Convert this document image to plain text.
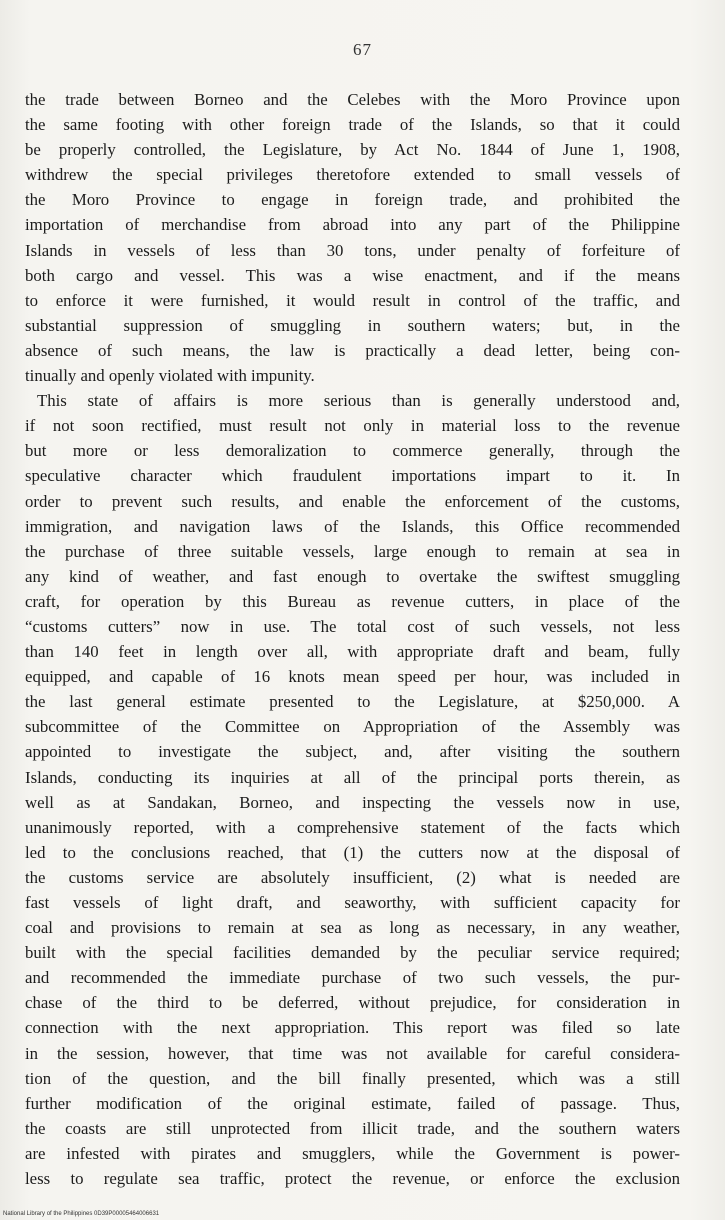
67
the trade between Borneo and the Celebes with the Moro Province upon
the same footing with other foreign trade of the Islands, so that it could
be properly controlled, the Legislature, by Act No. 1844 of June 1, 1908,
withdrew the special privileges theretofore extended to small vessels of
the Moro Province to engage in foreign trade, and prohibited the
importation of merchandise from abroad into any part of the Philippine
Islands in vessels of less than 30 tons, under penalty of forfeiture of
both cargo and vessel. This was a wise enactment, and if the means
to enforce it were furnished, it would result in control of the traffic, and
substantial suppression of smuggling in southern waters; but, in the
absence of such means, the law is practically a dead letter, being con-
tinually and openly violated with impunity.
This state of affairs is more serious than is generally understood and,
if not soon rectified, must result not only in material loss to the revenue
but more or less demoralization to commerce generally, through the
speculative character which fraudulent importations impart to it. In
order to prevent such results, and enable the enforcement of the customs,
immigration, and navigation laws of the Islands, this Office recommended
the purchase of three suitable vessels, large enough to remain at sea in
any kind of weather, and fast enough to overtake the swiftest smuggling
craft, for operation by this Bureau as revenue cutters, in place of the
“customs cutters” now in use. The total cost of such vessels, not less
than 140 feet in length over all, with appropriate draft and beam, fully
equipped, and capable of 16 knots mean speed per hour, was included in
the last general estimate presented to the Legislature, at $250,000. A
subcommittee of the Committee on Appropriation of the Assembly was
appointed to investigate the subject, and, after visiting the southern
Islands, conducting its inquiries at all of the principal ports therein, as
well as at Sandakan, Borneo, and inspecting the vessels now in use,
unanimously reported, with a comprehensive statement of the facts which
led to the conclusions reached, that (1) the cutters now at the disposal of
the customs service are absolutely insufficient, (2) what is needed are
fast vessels of light draft, and seaworthy, with sufficient capacity for
coal and provisions to remain at sea as long as necessary, in any weather,
built with the special facilities demanded by the peculiar service required;
and recommended the immediate purchase of two such vessels, the pur-
chase of the third to be deferred, without prejudice, for consideration in
connection with the next appropriation. This report was filed so late
in the session, however, that time was not available for careful considera-
tion of the question, and the bill finally presented, which was a still
further modification of the original estimate, failed of passage. Thus,
the coasts are still unprotected from illicit trade, and the southern waters
are infested with pirates and smugglers, while the Government is power-
less to regulate sea traffic, protect the revenue, or enforce the exclusion
National Library of the Philippines 0D39P00005464006631
